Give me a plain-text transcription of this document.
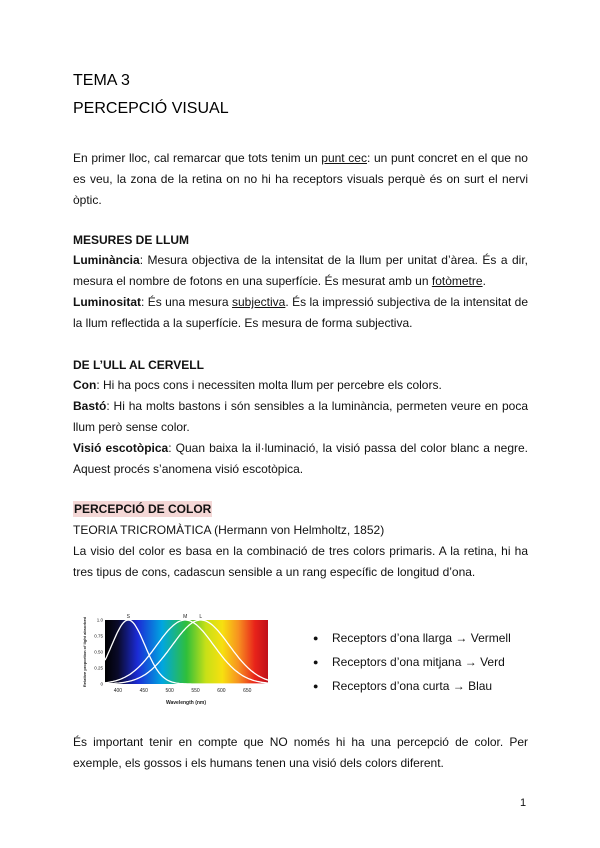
TEMA 3
PERCEPCIÓ VISUAL
En primer lloc, cal remarcar que tots tenim un punt cec: un punt concret en el que no es veu, la zona de la retina on no hi ha receptors visuals perquè és on surt el nervi òptic.
MESURES DE LLUM
Luminància: Mesura objectiva de la intensitat de la llum per unitat d’àrea. És a dir, mesura el nombre de fotons en una superfície. És mesurat amb un fotòmetre.
Luminositat: És una mesura subjectiva. És la impressió subjectiva de la intensitat de la llum reflectida a la superfície. Es mesura de forma subjectiva.
DE L’ULL AL CERVELL
Con: Hi ha pocs cons i necessiten molta llum per percebre els colors.
Bastó: Hi ha molts bastons i són sensibles a la luminància, permeten veure en poca llum però sense color.
Visió escotòpica: Quan baixa la il·luminació, la visió passa del color blanc a negre. Aquest procés s’anomena visió escotòpica.
PERCEPCIÓ DE COLOR
TEORIA TRICROMÀTICA (Hermann von Helmholtz, 1852)
La visio del color es basa en la combinació de tres colors primaris. A la retina, hi ha tres tipus de cons, cadascun sensible a un rang específic de longitud d’ona.
1.0
0.75
0.50
0.25
0
400	450	500	550	600	650
S	M L
Relative proportion of light absorbed
Wavelength (nm)
● Receptors d’ona llarga → Vermell
● Receptors d’ona mitjana → Verd
● Receptors d’ona curta → Blau
És important tenir en compte que NO només hi ha una percepció de color. Per exemple, els gossos i els humans tenen una visió dels colors diferent.
1
